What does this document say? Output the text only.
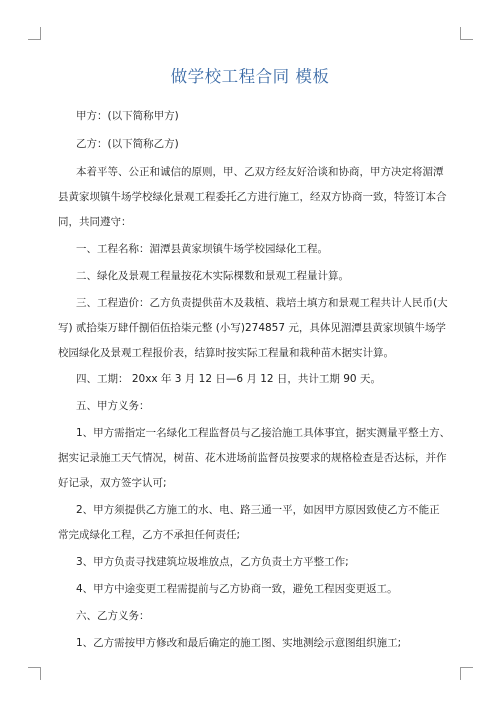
做学校工程合同 模板
甲方：(以下简称甲方)
乙方：(以下简称乙方)
本着平等、公正和诚信的原则，甲、乙双方经友好洽谈和协商，甲方决定将湄潭
县黄家坝镇牛场学校绿化景观工程委托乙方进行施工，经双方协商一致，特签订本合
同，共同遵守：
一、工程名称：湄潭县黄家坝镇牛场学校园绿化工程。
二、绿化及景观工程量按花木实际棵数和景观工程量计算。
三、工程造价：乙方负责提供苗木及栽植、栽培土填方和景观工程共计人民币(大
写) 贰拾柒万肆仟捌佰伍拾柒元整 (小写)274857 元，具体见湄潭县黄家坝镇牛场学
校园绿化及景观工程报价表，结算时按实际工程量和栽种苗木据实计算。
四、工期： 20xx 年 3 月 12 日—6 月 12 日，共计工期 90 天。
五、甲方义务：
1、甲方需指定一名绿化工程监督员与乙接洽施工具体事宜，据实测量平整土方、
据实记录施工天气情况，树苗、花木进场前监督员按要求的规格检查是否达标，并作
好记录，双方签字认可;
2、甲方须提供乙方施工的水、电、路三通一平，如因甲方原因致使乙方不能正
常完成绿化工程，乙方不承担任何责任;
3、甲方负责寻找建筑垃圾堆放点，乙方负责土方平整工作;
4、甲方中途变更工程需提前与乙方协商一致，避免工程因变更返工。
六、乙方义务：
1、乙方需按甲方修改和最后确定的施工图、实地测绘示意图组织施工;
